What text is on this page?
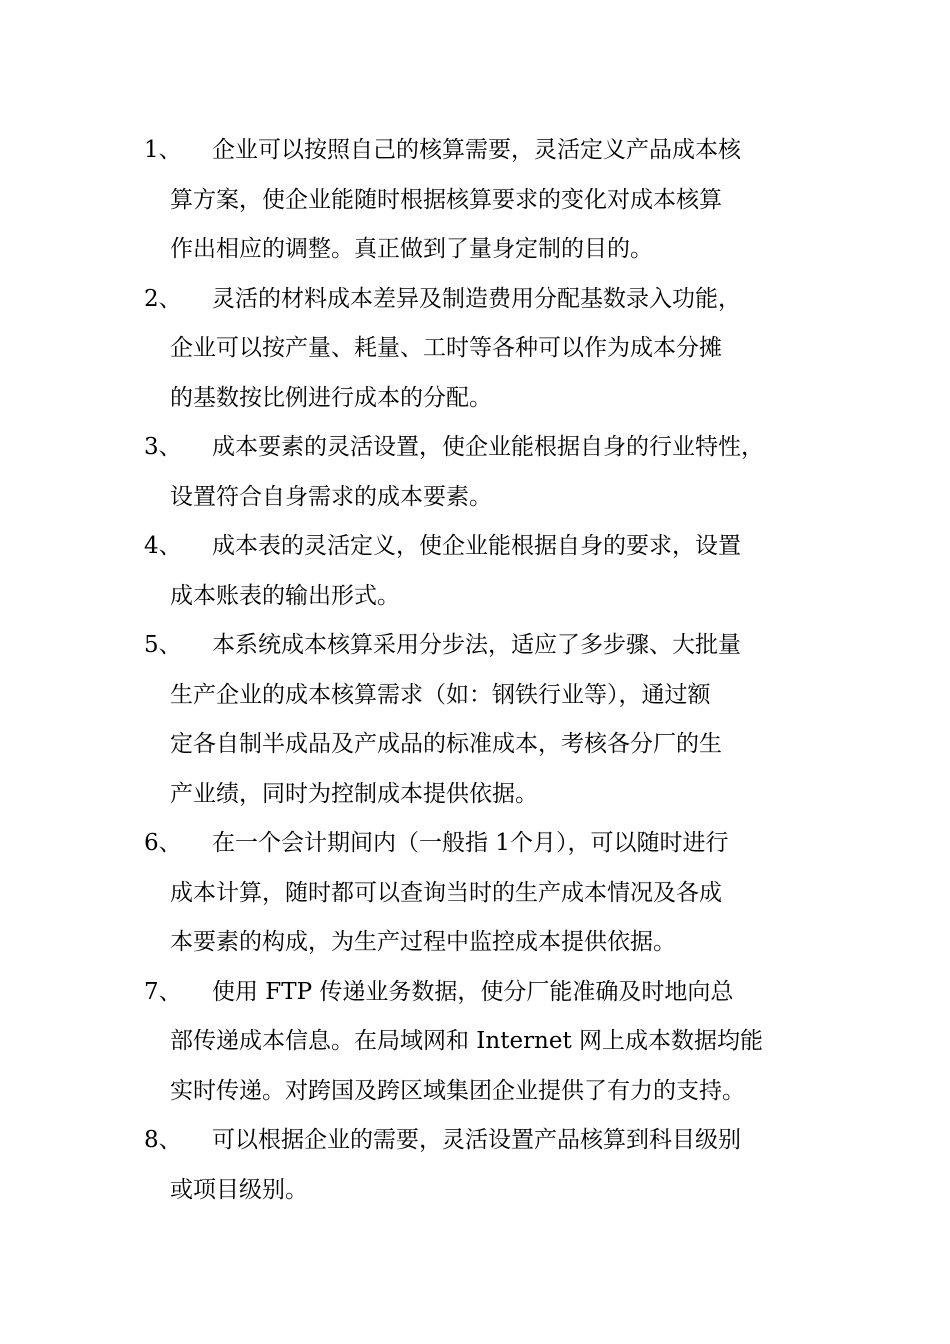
1、	企业可以按照自己的核算需要，灵活定义产品成本核
算方案，使企业能随时根据核算要求的变化对成本核算
作出相应的调整。真正做到了量身定制的目的。
2、	灵活的材料成本差异及制造费用分配基数录入功能，
企业可以按产量、耗量、工时等各种可以作为成本分摊
的基数按比例进行成本的分配。
3、	成本要素的灵活设置，使企业能根据自身的行业特性，
设置符合自身需求的成本要素。
4、	成本表的灵活定义，使企业能根据自身的要求，设置
成本账表的输出形式。
5、	本系统成本核算采用分步法，适应了多步骤、大批量
生产企业的成本核算需求（如：钢铁行业等），通过额
定各自制半成品及产成品的标准成本，考核各分厂的生
产业绩，同时为控制成本提供依据。
6、	在一个会计期间内（一般指 1个月），可以随时进行
成本计算，随时都可以查询当时的生产成本情况及各成
本要素的构成，为生产过程中监控成本提供依据。
7、	使用 FTP 传递业务数据，使分厂能准确及时地向总
部传递成本信息。在局域网和 Internet 网上成本数据均能
实时传递。对跨国及跨区域集团企业提供了有力的支持。
8、	可以根据企业的需要，灵活设置产品核算到科目级别
或项目级别。
